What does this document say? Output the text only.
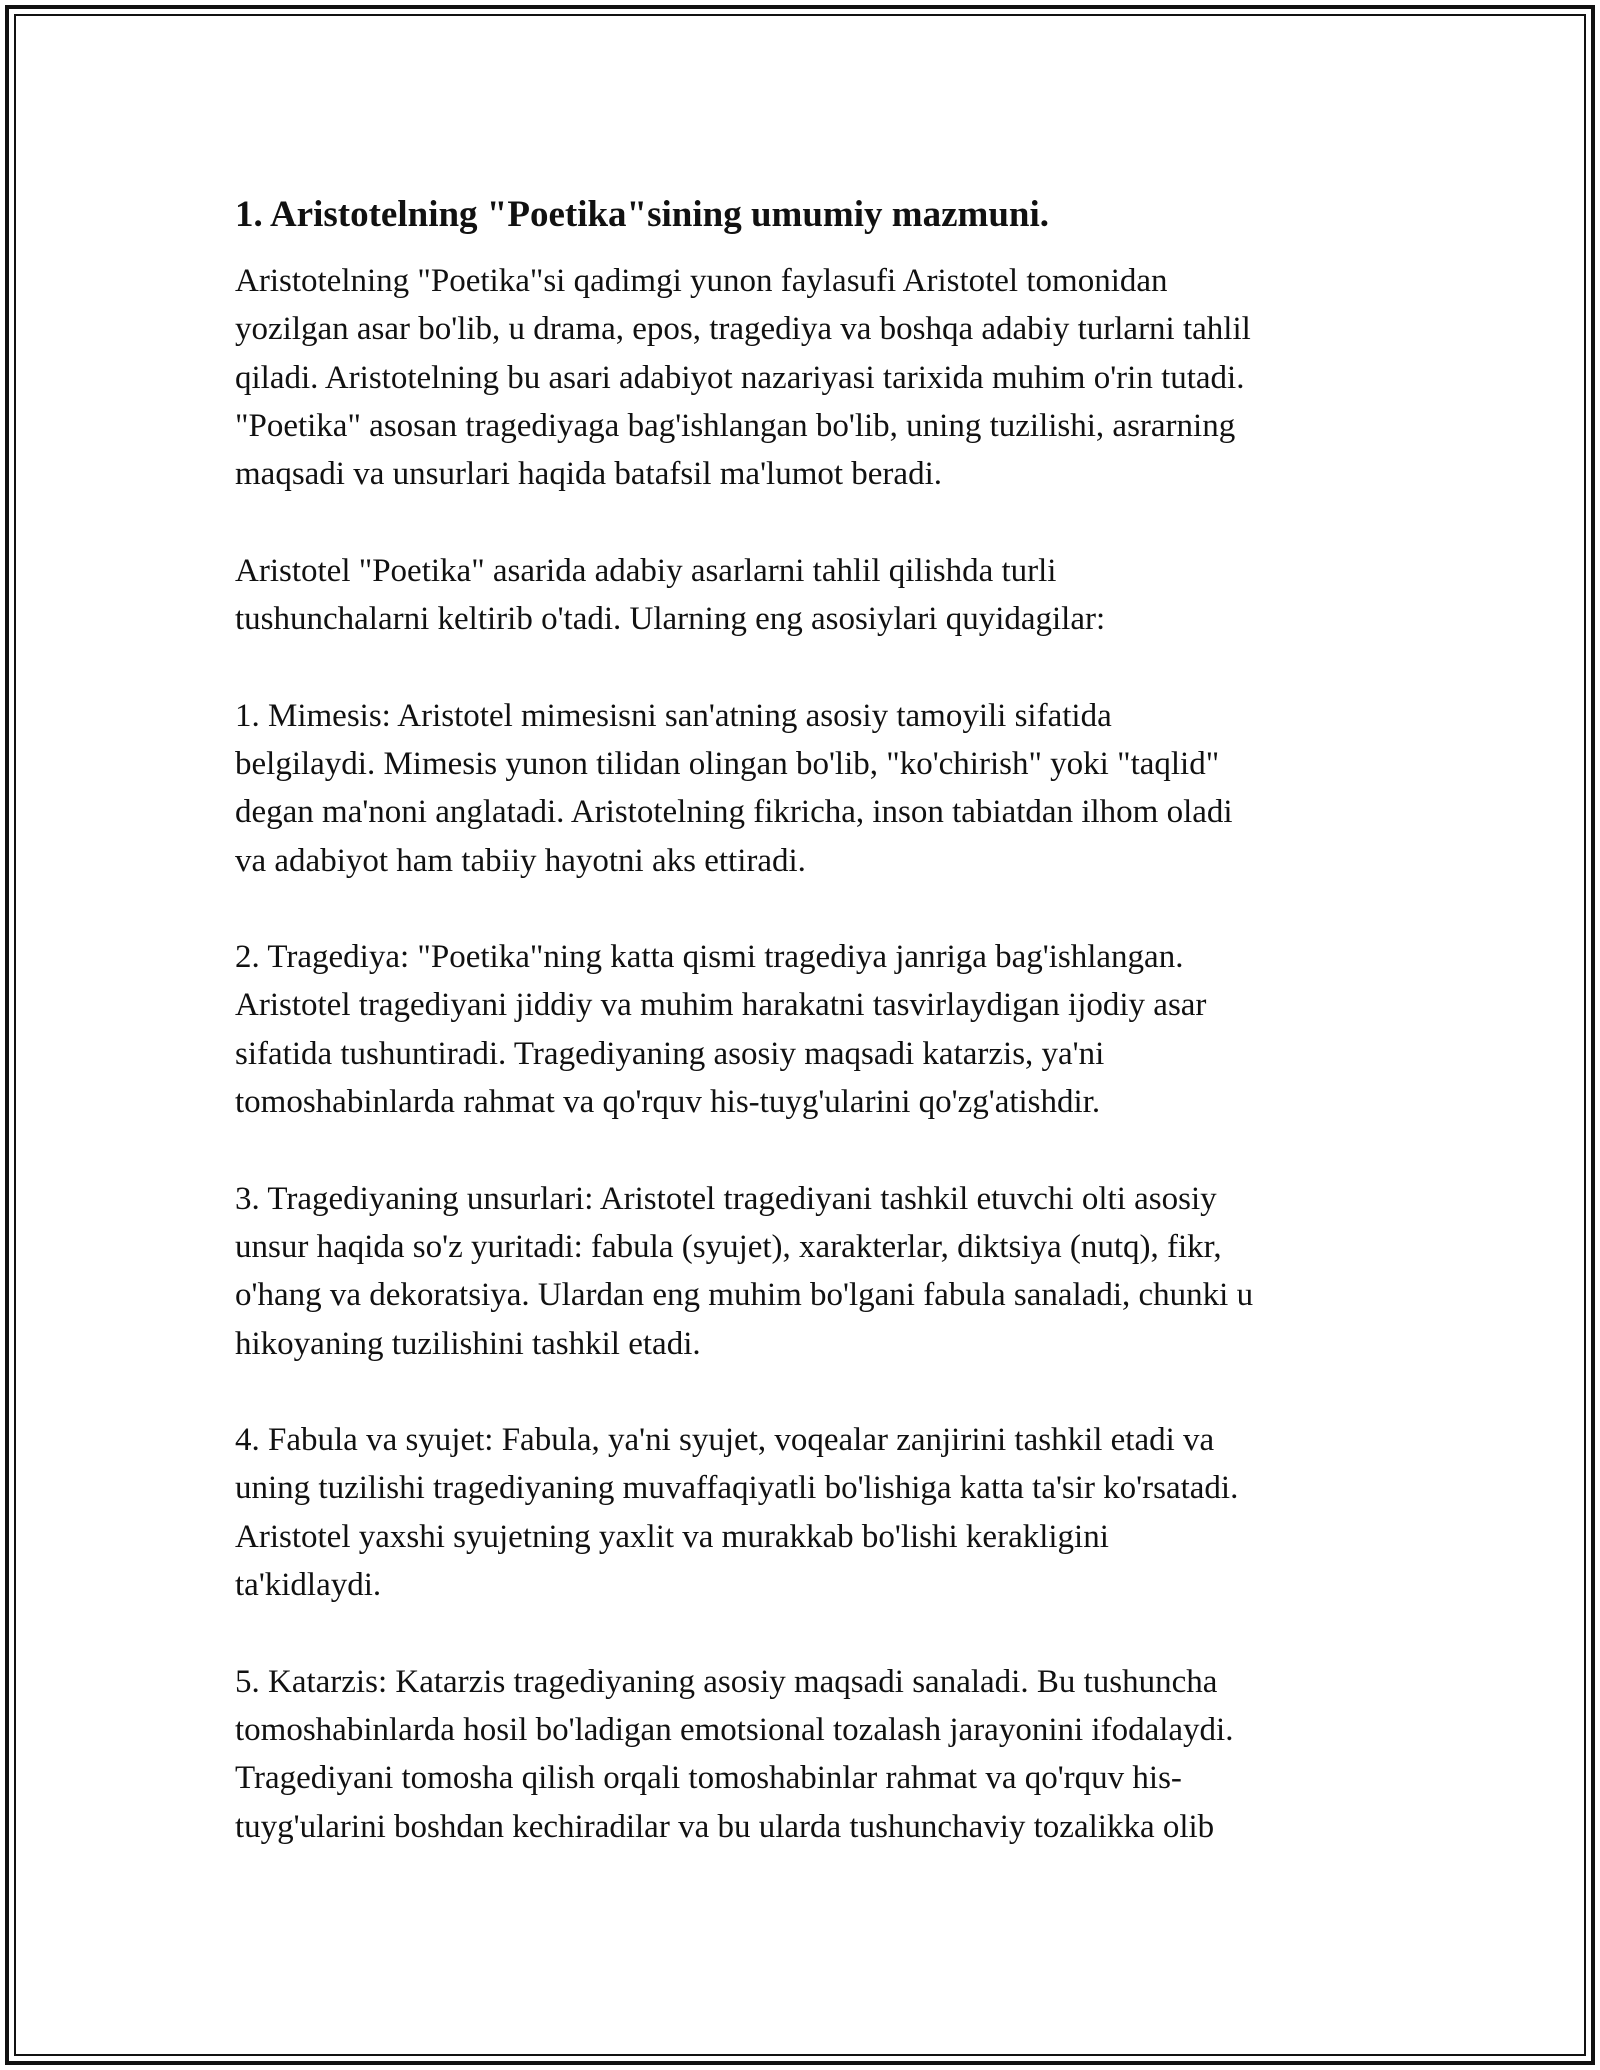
1. Aristotelning "Poetika"sining umumiy mazmuni.

Aristotelning "Poetika"si qadimgi yunon faylasufi Aristotel tomonidan
yozilgan asar bo'lib, u drama, epos, tragediya va boshqa adabiy turlarni tahlil
qiladi. Aristotelning bu asari adabiyot nazariyasi tarixida muhim o'rin tutadi.
"Poetika" asosan tragediyaga bag'ishlangan bo'lib, uning tuzilishi, asrarning
maqsadi va unsurlari haqida batafsil ma'lumot beradi.

Aristotel "Poetika" asarida adabiy asarlarni tahlil qilishda turli
tushunchalarni keltirib o'tadi. Ularning eng asosiylari quyidagilar:

1. Mimesis: Aristotel mimesisni san'atning asosiy tamoyili sifatida
belgilaydi. Mimesis yunon tilidan olingan bo'lib, "ko'chirish" yoki "taqlid"
degan ma'noni anglatadi. Aristotelning fikricha, inson tabiatdan ilhom oladi
va adabiyot ham tabiiy hayotni aks ettiradi.

2. Tragediya: "Poetika"ning katta qismi tragediya janriga bag'ishlangan.
Aristotel tragediyani jiddiy va muhim harakatni tasvirlaydigan ijodiy asar
sifatida tushuntiradi. Tragediyaning asosiy maqsadi katarzis, ya'ni
tomoshabinlarda rahmat va qo'rquv his-tuyg'ularini qo'zg'atishdir.

3. Tragediyaning unsurlari: Aristotel tragediyani tashkil etuvchi olti asosiy
unsur haqida so'z yuritadi: fabula (syujet), xarakterlar, diktsiya (nutq), fikr,
o'hang va dekoratsiya. Ulardan eng muhim bo'lgani fabula sanaladi, chunki u
hikoyaning tuzilishini tashkil etadi.

4. Fabula va syujet: Fabula, ya'ni syujet, voqealar zanjirini tashkil etadi va
uning tuzilishi tragediyaning muvaffaqiyatli bo'lishiga katta ta'sir ko'rsatadi.
Aristotel yaxshi syujetning yaxlit va murakkab bo'lishi kerakligini
ta'kidlaydi.

5. Katarzis: Katarzis tragediyaning asosiy maqsadi sanaladi. Bu tushuncha
tomoshabinlarda hosil bo'ladigan emotsional tozalash jarayonini ifodalaydi.
Tragediyani tomosha qilish orqali tomoshabinlar rahmat va qo'rquv his-
tuyg'ularini boshdan kechiradilar va bu ularda tushunchaviy tozalikka olib
